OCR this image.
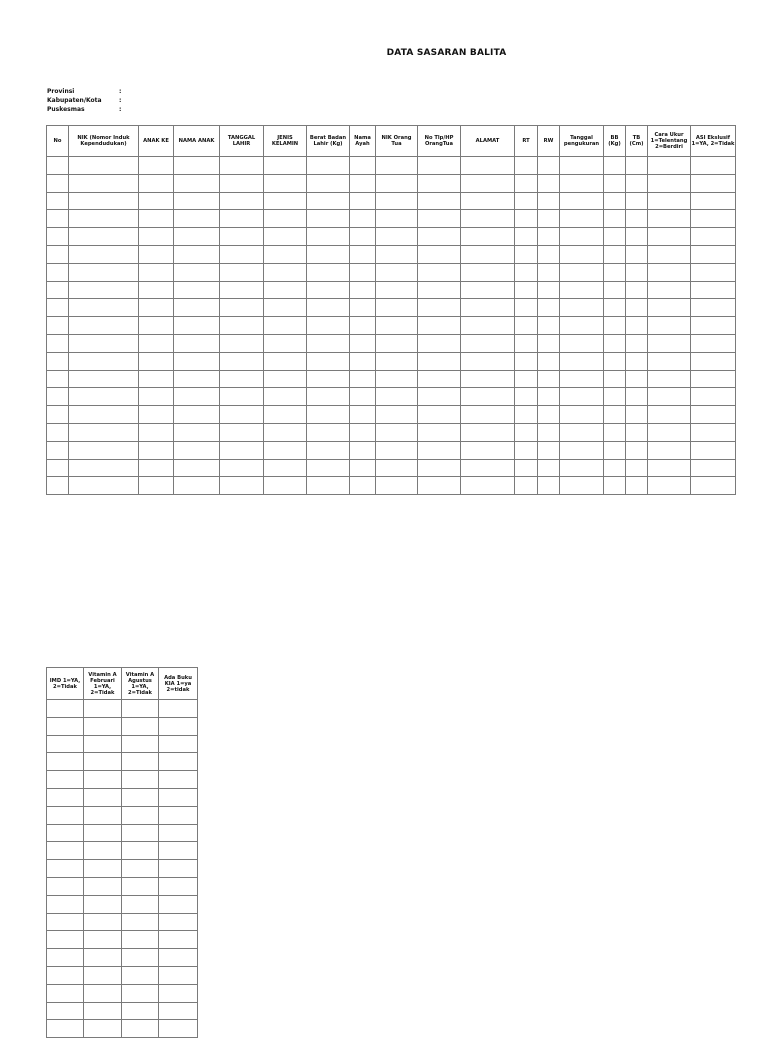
DATA SASARAN BALITA
Provinsi	:
Kabupaten/Kota	:
Puskesmas	:
No	NIK (Nomor Induk Kependudukan)	ANAK KE	NAMA ANAK	TANGGAL LAHIR	JENIS KELAMIN	Berat Badan Lahir (Kg)	Nama Ayah	NIK Orang Tua	No Tlp/HP OrangTua	ALAMAT	RT	RW	Tanggal pengukuran	BB (Kg)	TB (Cm)	Cara Ukur 1=Telentang 2=Berdiri	ASI Ekslusif 1=YA, 2=Tidak

IMD 1=YA, 2=Tidak	Vitamin A Februari 1=YA, 2=Tidak	Vitamin A Agustus 1=YA, 2=Tidak	Ada Buku KIA 1=ya 2=tidak
